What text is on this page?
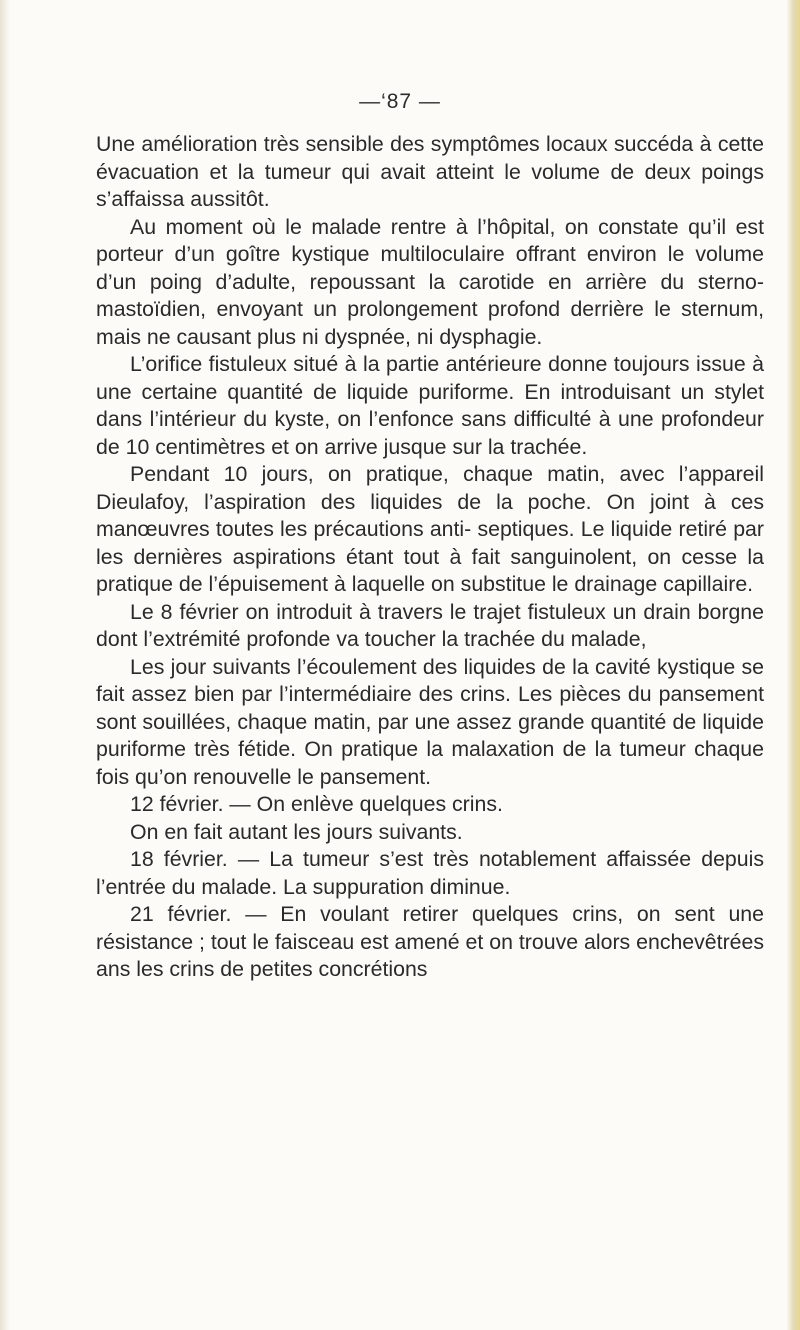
—‘87 —

Une amélioration très sensible des symptômes locaux succéda à cette évacuation et la tumeur qui avait atteint le volume de deux poings s’affaissa aussitôt.

Au moment où le malade rentre à l’hôpital, on constate qu’il est porteur d’un goître kystique multiloculaire offrant environ le volume d’un poing d’adulte, repoussant la carotide en arrière du sterno-mastoïdien, envoyant un prolongement profond derrière le sternum, mais ne causant plus ni dyspnée, ni dysphagie.

L’orifice fistuleux situé à la partie antérieure donne toujours issue à une certaine quantité de liquide puriforme. En introduisant un stylet dans l’intérieur du kyste, on l’enfonce sans difficulté à une profondeur de 10 centimètres et on arrive jusque sur la trachée.

Pendant 10 jours, on pratique, chaque matin, avec l’appareil Dieulafoy, l’aspiration des liquides de la poche. On joint à ces manœuvres toutes les précautions anti- septiques. Le liquide retiré par les dernières aspirations étant tout à fait sanguinolent, on cesse la pratique de l’épuisement à laquelle on substitue le drainage capillaire.

Le 8 février on introduit à travers le trajet fistuleux un drain borgne dont l’extrémité profonde va toucher la trachée du malade,

Les jour suivants l’écoulement des liquides de la cavité kystique se fait assez bien par l’intermédiaire des crins. Les pièces du pansement sont souillées, chaque matin, par une assez grande quantité de liquide puriforme très fétide. On pratique la malaxation de la tumeur chaque fois qu’on renouvelle le pansement.

12 février. — On enlève quelques crins.

On en fait autant les jours suivants.

18 février. — La tumeur s’est très notablement affaissée depuis l’entrée du malade. La suppuration diminue.

21 février. — En voulant retirer quelques crins, on sent une résistance ; tout le faisceau est amené et on trouve alors enchevêtrées ans les crins de petites concrétions
